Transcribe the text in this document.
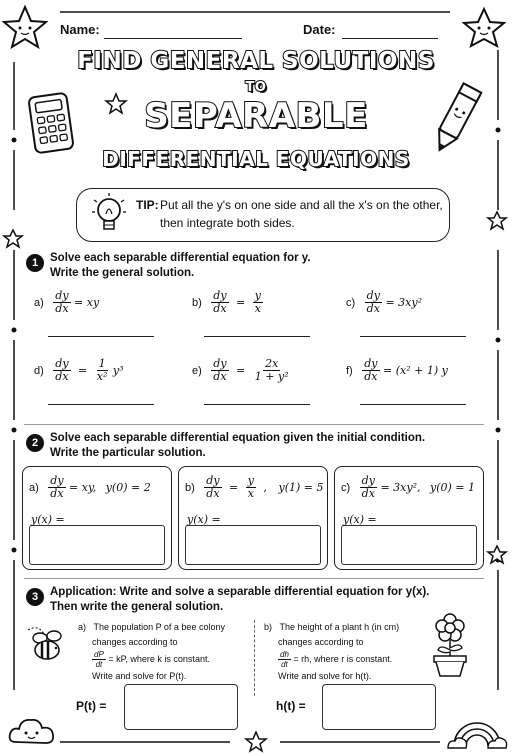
Name:	Date:
FIND GENERAL SOLUTIONS
TO
SEPARABLE
DIFFERENTIAL EQUATIONS
TIP: Put all the y's on one side and all the x's on the other,
then integrate both sides.
1	Solve each separable differential equation for y.
Write the general solution.
$a) \frac{dy}{dx}$ = xy	$b) \frac{dy}{dx} = \frac{y}{x}$	$c) \frac{dy}{dx} = 3xy^2$
$d) \frac{dy}{dx} = \frac{1}{\text{x²}} y^3$	$e) \frac{dy}{dx} = \frac{2x}{\text{1 + y²}}$	$f) \frac{dy}{dx} = (x^2 + 1)$ y
2	Solve each separable differential equation given the initial condition.
Write the particular solution.
$a) \frac{dy}{dx}$ = xy, y(0) = 2
y(x) =
$b) \frac{dy}{dx} = \frac{y}{x}$ , y(1) = 5
y(x) =
$c) \frac{dy}{dx} = 3xy^2$, y(0) = 1
y(x) =
3	Application: Write and solve a separable differential equation for y(x).
Then write the general solution.
a) The population P of a bee colony
changes according to
$\frac{dP}{dt}$ = kP, where k is constant.
Write and solve for P(t).
b) The height of a plant h (in cm)
changes according to
$\frac{dh}{dt}$ = rh, where r is constant.
Write and solve for h(t).
P(t) =	h(t) =
